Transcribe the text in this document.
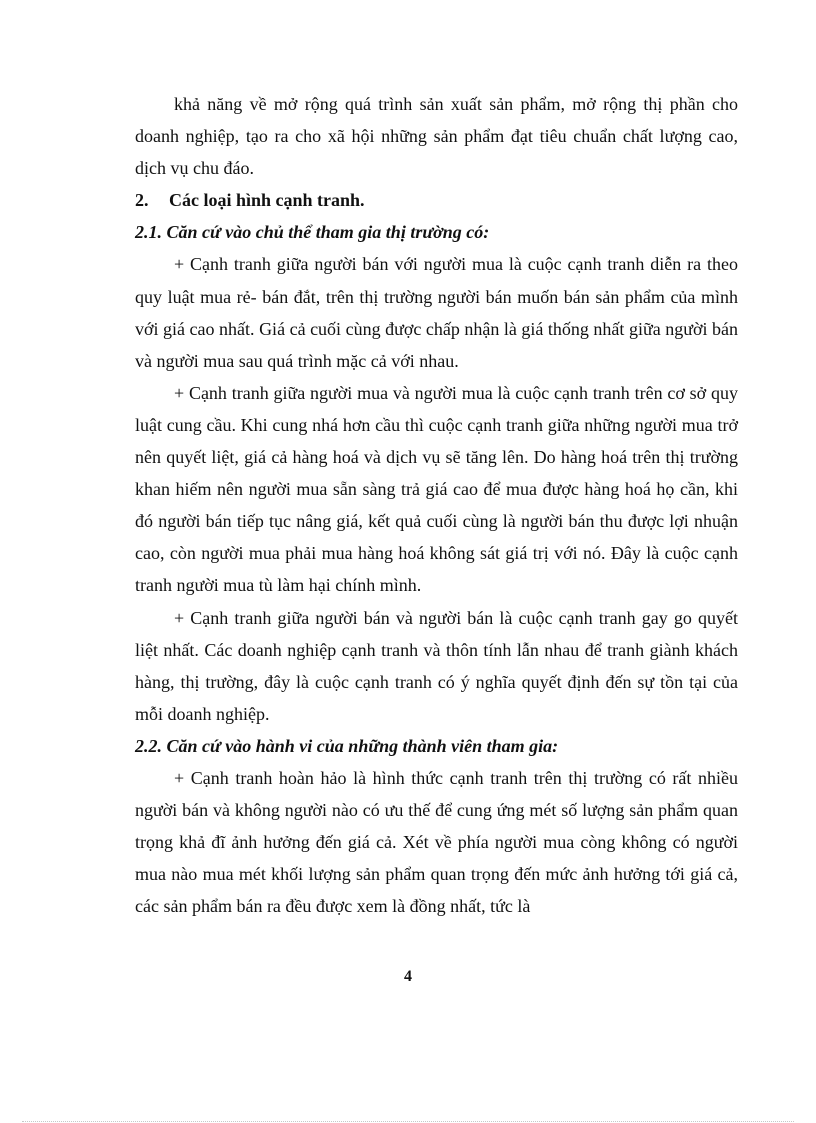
khả năng về mở rộng quá trình sản xuất sản phẩm, mở rộng thị phần cho doanh nghiệp, tạo ra cho xã hội những sản phẩm đạt tiêu chuẩn chất lượng cao, dịch vụ chu đáo.

2. Các loại hình cạnh tranh.

2.1. Căn cứ vào chủ thể tham gia thị trường có:

+ Cạnh tranh giữa người bán với người mua là cuộc cạnh tranh diễn ra theo quy luật mua rẻ- bán đắt, trên thị trường người bán muốn bán sản phẩm của mình với giá cao nhất. Giá cả cuối cùng được chấp nhận là giá thống nhất giữa người bán và người mua sau quá trình mặc cả với nhau.

+ Cạnh tranh giữa người mua và người mua là cuộc cạnh tranh trên cơ sở quy luật cung cầu. Khi cung nhá hơn cầu thì cuộc cạnh tranh giữa những người mua trở nên quyết liệt, giá cả hàng hoá và dịch vụ sẽ tăng lên. Do hàng hoá trên thị trường khan hiếm nên người mua sẵn sàng trả giá cao để mua được hàng hoá họ cần, khi đó người bán tiếp tục nâng giá, kết quả cuối cùng là người bán thu được lợi nhuận cao, còn người mua phải mua hàng hoá không sát giá trị với nó. Đây là cuộc cạnh tranh người mua tù làm hại chính mình.

+ Cạnh tranh giữa người bán và người bán là cuộc cạnh tranh gay go quyết liệt nhất. Các doanh nghiệp cạnh tranh và thôn tính lẫn nhau để tranh giành khách hàng, thị trường, đây là cuộc cạnh tranh có ý nghĩa quyết định đến sự tồn tại của mỗi doanh nghiệp.

2.2. Căn cứ vào hành vi của những thành viên tham gia:

+ Cạnh tranh hoàn hảo là hình thức cạnh tranh trên thị trường có rất nhiều người bán và không người nào có ưu thế để cung ứng mét số lượng sản phẩm quan trọng khả đĩ ảnh hưởng đến giá cả. Xét về phía người mua còng không có người mua nào mua mét khối lượng sản phẩm quan trọng đến mức ảnh hưởng tới giá cả, các sản phẩm bán ra đều được xem là đồng nhất, tức là

4
